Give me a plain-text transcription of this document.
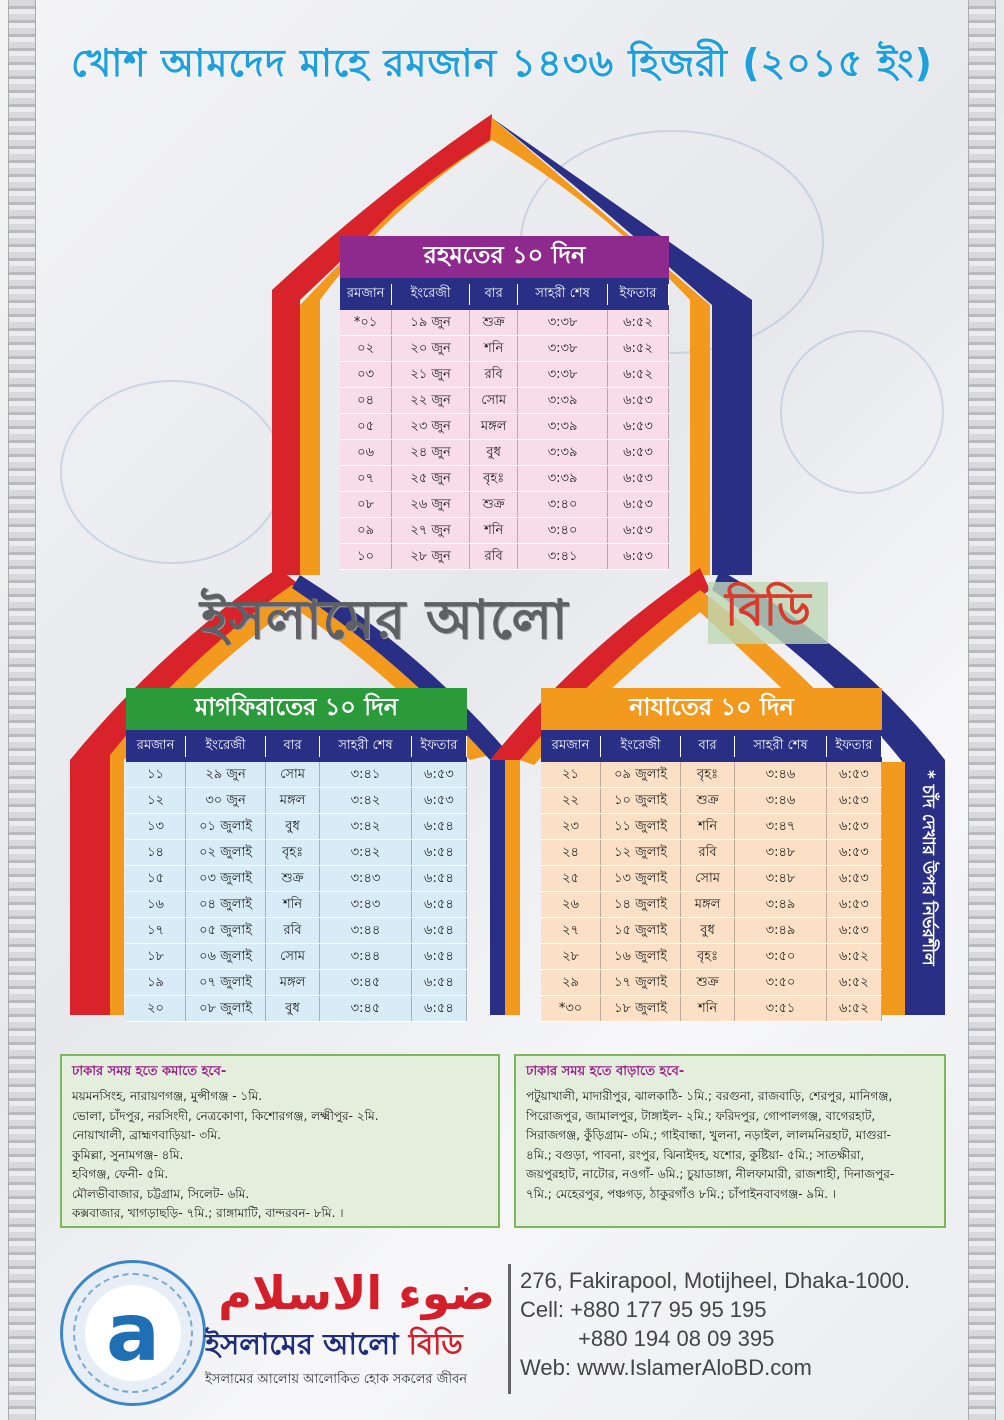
খোশ আমদেদ মাহে রমজান ১৪৩৬ হিজরী (২০১৫ ইং)
রহমতের ১০ দিন
রমজান	ইংরেজী	বার	সাহরী শেষ	ইফতার
*০১	১৯ জুন	শুক্র	৩:৩৮	৬:৫২
০২	২০ জুন	শনি	৩:৩৮	৬:৫২
০৩	২১ জুন	রবি	৩:৩৮	৬:৫২
০৪	২২ জুন	সোম	৩:৩৯	৬:৫৩
০৫	২৩ জুন	মঙ্গল	৩:৩৯	৬:৫৩
০৬	২৪ জুন	বুধ	৩:৩৯	৬:৫৩
০৭	২৫ জুন	বৃহঃ	৩:৩৯	৬:৫৩
০৮	২৬ জুন	শুক্র	৩:৪০	৬:৫৩
০৯	২৭ জুন	শনি	৩:৪০	৬:৫৩
১০	২৮ জুন	রবি	৩:৪১	৬:৫৩
মাগফিরাতের ১০ দিন
রমজান	ইংরেজী	বার	সাহরী শেষ	ইফতার
১১	২৯ জুন	সোম	৩:৪১	৬:৫৩
১২	৩০ জুন	মঙ্গল	৩:৪২	৬:৫৩
১৩	০১ জুলাই	বুধ	৩:৪২	৬:৫৪
১৪	০২ জুলাই	বৃহঃ	৩:৪২	৬:৫৪
১৫	০৩ জুলাই	শুক্র	৩:৪৩	৬:৫৪
১৬	০৪ জুলাই	শনি	৩:৪৩	৬:৫৪
১৭	০৫ জুলাই	রবি	৩:৪৪	৬:৫৪
১৮	০৬ জুলাই	সোম	৩:৪৪	৬:৫৪
১৯	০৭ জুলাই	মঙ্গল	৩:৪৫	৬:৫৪
২০	০৮ জুলাই	বুধ	৩:৪৫	৬:৫৪
নাযাতের ১০ দিন
রমজান	ইংরেজী	বার	সাহরী শেষ	ইফতার
২১	০৯ জুলাই	বৃহঃ	৩:৪৬	৬:৫৩
২২	১০ জুলাই	শুক্র	৩:৪৬	৬:৫৩
২৩	১১ জুলাই	শনি	৩:৪৭	৬:৫৩
২৪	১২ জুলাই	রবি	৩:৪৮	৬:৫৩
২৫	১৩ জুলাই	সোম	৩:৪৮	৬:৫৩
২৬	১৪ জুলাই	মঙ্গল	৩:৪৯	৬:৫৩
২৭	১৫ জুলাই	বুধ	৩:৪৯	৬:৫৩
২৮	১৬ জুলাই	বৃহঃ	৩:৫০	৬:৫২
২৯	১৭ জুলাই	শুক্র	৩:৫০	৬:৫২
*৩০	১৮ জুলাই	শনি	৩:৫১	৬:৫২
ইসলামের আলো	বিডি
* চাঁদ দেখার উপর নির্ভরশীল
ঢাকার সময় হতে কমাতে হবে-
ময়মনসিংহ, নারায়ণগঞ্জ, মুন্সীগঞ্জ - ১মি.
ভোলা, চাঁদপুর, নরসিংদী, নেত্রকোণা, কিশোরগঞ্জ, লক্ষ্মীপুর- ২মি.
নোয়াখালী, ব্রাহ্মণবাড়িয়া- ৩মি.
কুমিল্লা, সুনামগঞ্জ- ৪মি.
হবিগঞ্জ, ফেনী- ৫মি.
মৌলভীবাজার, চট্টগ্রাম, সিলেট- ৬মি.
কক্সবাজার, খাগড়াছড়ি- ৭মি.; রাঙ্গামাটি, বান্দরবন- ৮মি. ।
ঢাকার সময় হতে বাড়াতে হবে-
পটুয়াখালী, মাদারীপুর, ঝালকাঠি- ১মি.; বরগুনা, রাজবাড়ি, শেরপুর, মানিগঞ্জ,
পিরোজপুর, জামালপুর, টাঙ্গাইল- ২মি.; ফরিদপুর, গোপালগঞ্জ, বাগেরহাট,
সিরাজগঞ্জ, কুঁড়িগ্রাম- ৩মি.; গাইবান্ধা, খুলনা, নড়াইল, লালমনিরহাট, মাগুরা-
৪মি.; বগুড়া, পাবনা, রংপুর, ঝিনাইদহ, যশোর, কুষ্টিয়া- ৫মি.; সাতক্ষীরা,
জয়পুরহাট, নাটোর, নওগাঁ- ৬মি.; চুয়াডাঙ্গা, নীলফামারী, রাজশাহী, দিনাজপুর-
৭মি.; মেহেরপুর, পঞ্চগড়, ঠাকুরগাঁও ৮মি.; চাঁপাইনবাবগঞ্জ- ৯মি. ।
a ضوء الاسلام
ইসলামের আলো বিডি
ইসলামের আলোয় আলোকিত হোক সকলের জীবন
276, Fakirapool, Motijheel, Dhaka-1000.
Cell: +880 177 95 95 195
+880 194 08 09 395
Web: www.IslamerAloBD.com
